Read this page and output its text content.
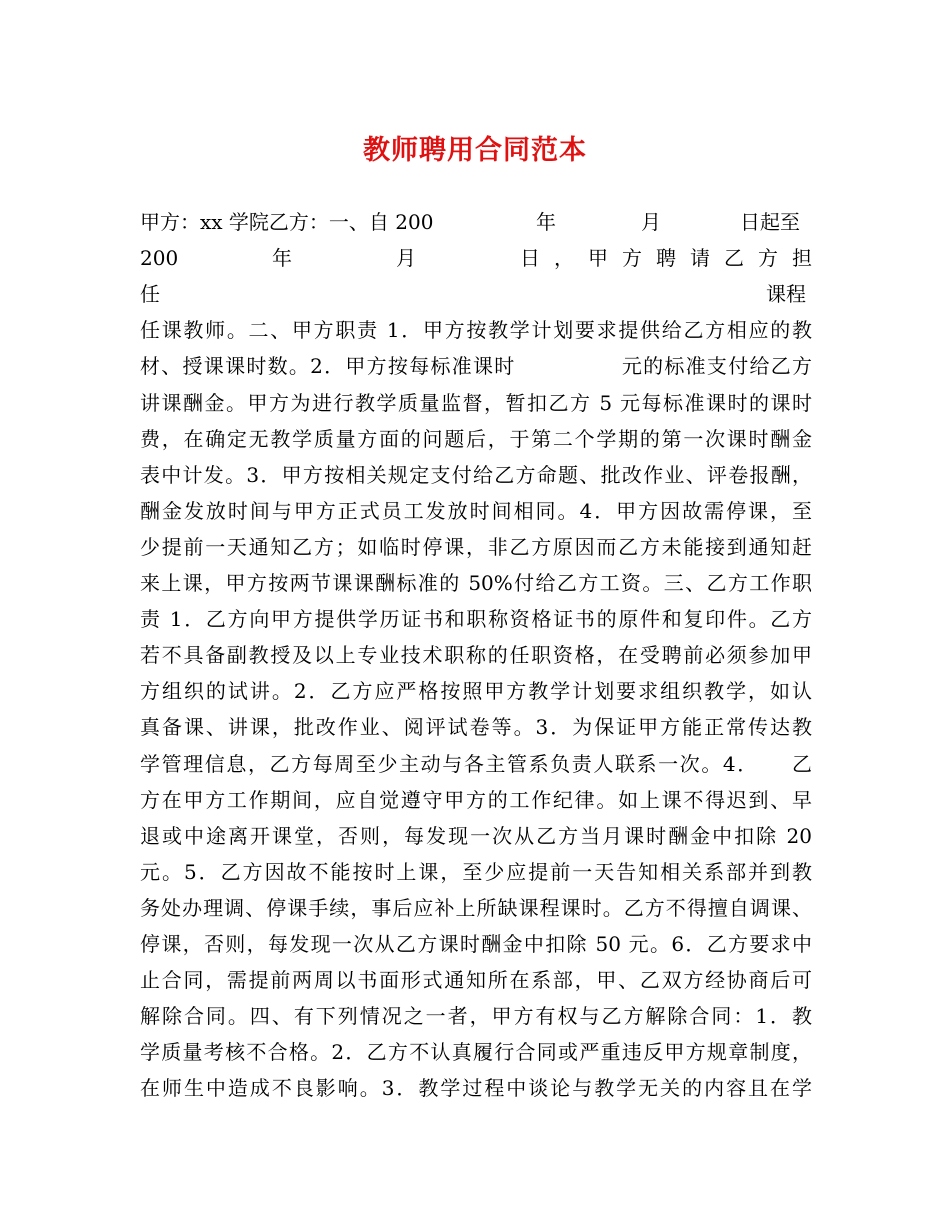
教师聘用合同范本
甲方：xx 学院乙方：一、自 200	年	月	日起至
200	年	月	日 ， 甲 方 聘 请 乙 方 担
任	课程
任课教师。二、甲方职责 1．甲方按教学计划要求提供给乙方相应的教
材、授课课时数。2．甲方按每标准课时　　　　　元的标准支付给乙方
讲课酬金。甲方为进行教学质量监督，暂扣乙方 5 元每标准课时的课时
费，在确定无教学质量方面的问题后，于第二个学期的第一次课时酬金
表中计发。3．甲方按相关规定支付给乙方命题、批改作业、评卷报酬，
酬金发放时间与甲方正式员工发放时间相同。4．甲方因故需停课，至
少提前一天通知乙方；如临时停课，非乙方原因而乙方未能接到通知赶
来上课，甲方按两节课课酬标准的 50%付给乙方工资。三、乙方工作职
责 1．乙方向甲方提供学历证书和职称资格证书的原件和复印件。乙方
若不具备副教授及以上专业技术职称的任职资格，在受聘前必须参加甲
方组织的试讲。2．乙方应严格按照甲方教学计划要求组织教学，如认
真备课、讲课，批改作业、阅评试卷等。3．为保证甲方能正常传达教
学管理信息，乙方每周至少主动与各主管系负责人联系一次。4．　　乙
方在甲方工作期间，应自觉遵守甲方的工作纪律。如上课不得迟到、早
退或中途离开课堂，否则，每发现一次从乙方当月课时酬金中扣除 20
元。5．乙方因故不能按时上课，至少应提前一天告知相关系部并到教
务处办理调、停课手续，事后应补上所缺课程课时。乙方不得擅自调课、
停课，否则，每发现一次从乙方课时酬金中扣除 50 元。6．乙方要求中
止合同，需提前两周以书面形式通知所在系部，甲、乙双方经协商后可
解除合同。四、有下列情况之一者，甲方有权与乙方解除合同：1．教
学质量考核不合格。2．乙方不认真履行合同或严重违反甲方规章制度，
在师生中造成不良影响。3．教学过程中谈论与教学无关的内容且在学
